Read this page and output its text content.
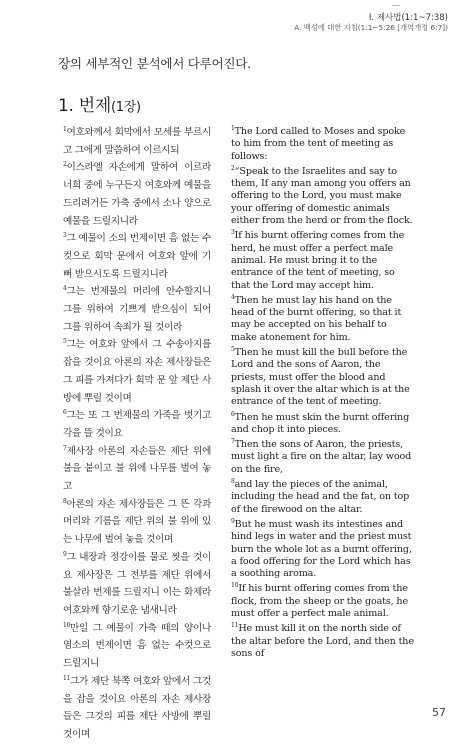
I. 제사법(1:1~7:38)
A. 백성에 대한 지침(1:1~5:26 [개역개정 6:7])
장의 세부적인 분석에서 다루어진다.
1. 번제(1장)

$^1$여호와께서 회막에서 모세를 부르시고 그에게 말씀하여 이르시되

$^2$이스라엘 자손에게 말하여 이르라 너희 중에 누구든지 여호와께 예물을 드리려거든 가축 중에서 소나 양으로 예물을 드릴지니라

$^3$그 예물이 소의 번제이면 흠 없는 수컷으로 회막 문에서 여호와 앞에 기뻐 받으시도록 드릴지니라

$^4$그는 번제물의 머리에 안수할지니 그를 위하여 기쁘게 받으심이 되어 그를 위하여 속죄가 될 것이라

$^5$그는 여호와 앞에서 그 수송아지를 잡을 것이요 아론의 자손 제사장들은 그 피를 가져다가 회막 문 앞 제단 사방에 뿌릴 것이며

$^6$그는 또 그 번제물의 가죽을 벗기고 각을 뜰 것이요

$^7$제사장 아론의 자손들은 제단 위에 불을 붙이고 불 위에 나무를 벌여 놓고

$^8$아론의 자손 제사장들은 그 뜬 각과 머리와 기름을 제단 위의 불 위에 있는 나무에 벌여 놓을 것이며

$^9$그 내장과 정강이를 물로 씻을 것이요 제사장은 그 전부를 제단 위에서 불살라 번제를 드릴지니 이는 화제라 여호와께 향기로운 냄새니라

$^{10}$만일 그 예물이 가축 떼의 양이나 염소의 번제이면 흠 없는 수컷으로 드릴지니

$^{11}$그가 제단 북쪽 여호와 앞에서 그것을 잡을 것이요 아론의 자손 제사장들은 그것의 피를 제단 사방에 뿌릴 것이며

$^1$The Lord called to Moses and spoke to him from the tent of meeting as follows:

$^2$“Speak to the Israelites and say to them, If any man among you offers an offering to the Lord, you must make your offering of domestic animals either from the herd or from the flock.

$^3$If his burnt offering comes from the herd, he must offer a perfect male animal. He must bring it to the entrance of the tent of meeting, so that the Lord may accept him.

$^4$Then he must lay his hand on the head of the burnt offering, so that it may be accepted on his behalf to make atonement for him.

$^5$Then he must kill the bull before the Lord and the sons of Aaron, the priests, must offer the blood and splash it over the altar which is at the entrance of the tent of meeting.

$^6$Then he must skin the burnt offering and chop it into pieces.

$^7$Then the sons of Aaron, the priests, must light a fire on the altar, lay wood on the fire,

$^8$and lay the pieces of the animal, including the head and the fat, on top of the firewood on the altar.

$^9$But he must wash its intestines and hind legs in water and the priest must burn the whole lot as a burnt offering, a food offering for the Lord which has a soothing aroma.

$^{10}$If his burnt offering comes from the flock, from the sheep or the goats, he must offer a perfect male animal.

$^{11}$He must kill it on the north side of the altar before the Lord, and then the sons of

57
